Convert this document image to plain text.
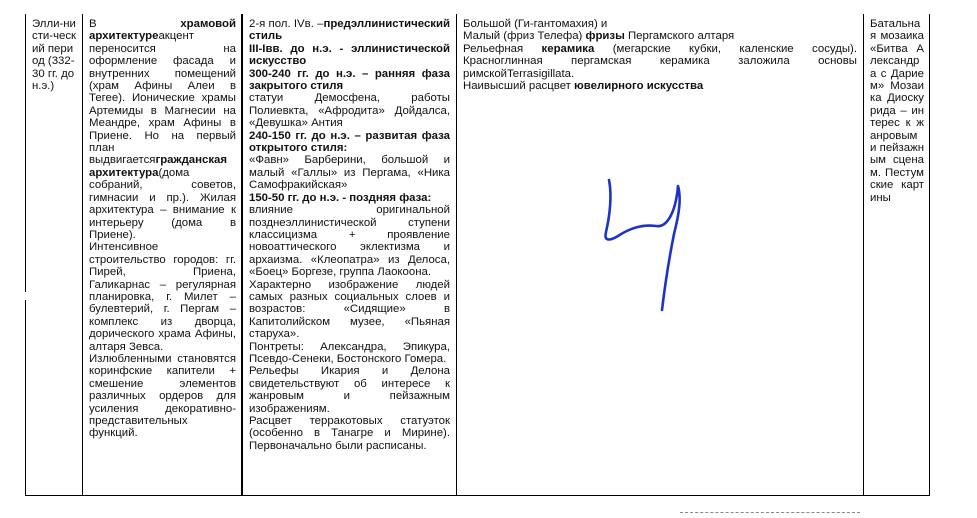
Элли-нисти-ческий период (332-30 гг. до н.э.)

В храмовой архитектуреакцент переносится на оформление фасада и внутренних помещений (храм Афины Алеи в Тегее). Ионические храмы Артемиды в Магнесии на Меандре, храм Афины в Приене. Но на первый план выдвигаетсягражданская архитектура(дома собраний, советов, гимнасии и пр.). Жилая архитектура – внимание к интерьеру (дома в Приене).

Интенсивное строительство городов: гг. Пирей, Приена, Галикарнас – регулярная планировка, г. Милет – булевтерий, г. Пергам – комплекс из дворца, дорического храма Афины, алтаря Зевса.

Излюбленными становятся коринфские капители + смешение элементов различных ордеров для усиления декоративно-представительных функций.

2-я пол. IVв. –предэллинистический стиль

III-Iвв. до н.э. - эллинистической искусство

300-240 гг. до н.э. – ранняя фаза закрытого стиля

статуи Демосфена, работы Полиевкта, «Афродита» Дойдалса, «Девушка» Антия

240-150 гг. до н.э. – развитая фаза открытого стиля:

«Фавн» Барберини, большой и малый «Галлы» из Пергама, «Ника Самофракийская»

150-50 гг. до н.э. - поздняя фаза:

влияние оригинальной позднеэллинистической ступени классицизма + проявление новоаттического эклектизма и архаизма. «Клеопатра» из Делоса, «Боец» Боргезе, группа Лаокоона.

Характерно изображение людей самых разных социальных слоев и возрастов: «Сидящие» в Капитолийском музее, «Пьяная старуха».

Понтреты: Александра, Эпикура, Псевдо-Сенеки, Бостонского Гомера.

Рельефы Икария и Делона свидетельствуют об интересе к жанровым и пейзажным изображениям.

Расцвет терракотовых статуэток (особенно в Танагре и Мирине). Первоначально были расписаны.

Большой (Ги-гантомахия) и

Малый (фриз Телефа) фризы Пергамского алтаря

Рельефная керамика (мегарские кубки, каленские сосуды). Красноглинная пергамская керамика заложила основы римскойTerrasigillata.

Наивысший расцвет ювелирного искусства

Батальная мозаика «Битва Александра с Дарием» Мозаика Диоскурида – интерес к жанровым и пейзажным сценам. Пестумские картины
